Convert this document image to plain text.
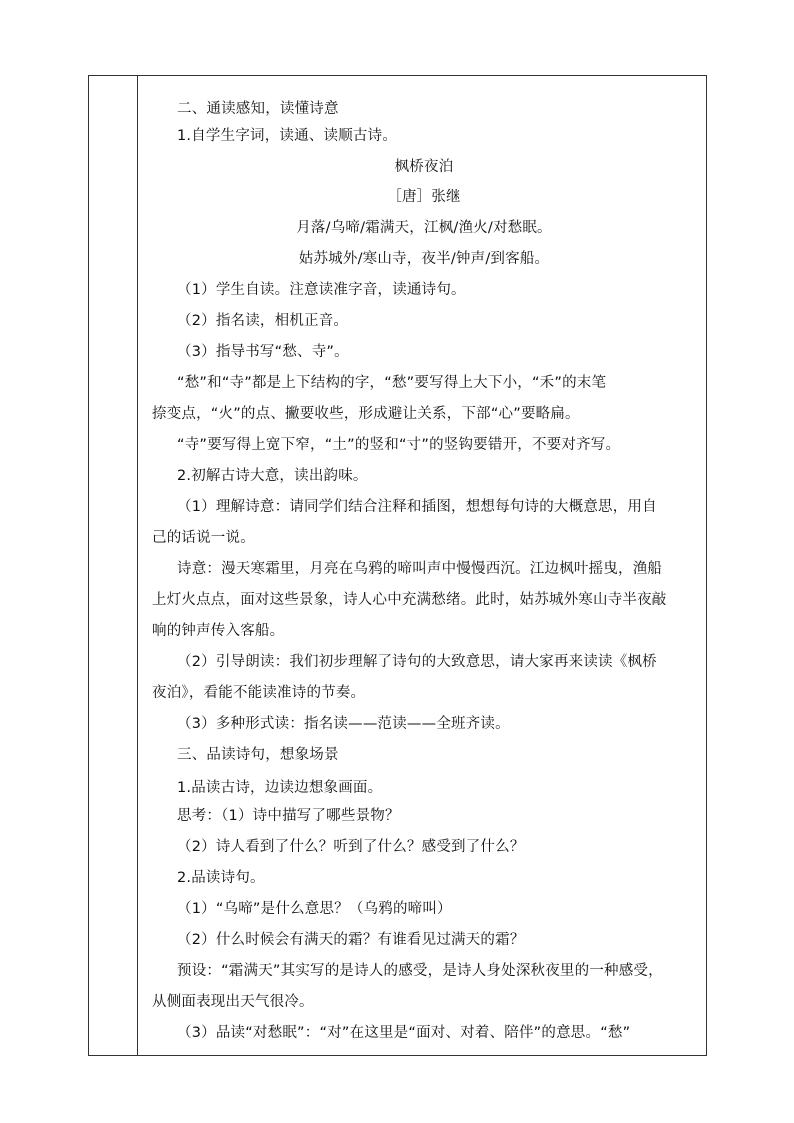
二、通读感知，读懂诗意
1.自学生字词，读通、读顺古诗。
枫桥夜泊
［唐］张继
月落/乌啼/霜满天，江枫/渔火/对愁眠。
姑苏城外/寒山寺，夜半/钟声/到客船。
（1）学生自读。注意读准字音，读通诗句。
（2）指名读，相机正音。
（3）指导书写“愁、寺”。
“愁”和“寺”都是上下结构的字，“愁”要写得上大下小，“禾”的末笔
捺变点，“火”的点、撇要收些，形成避让关系，下部“心”要略扁。
“寺”要写得上宽下窄，“土”的竖和“寸”的竖钩要错开，不要对齐写。
2.初解古诗大意，读出韵味。
（1）理解诗意：请同学们结合注释和插图，想想每句诗的大概意思，用自
己的话说一说。
诗意：漫天寒霜里，月亮在乌鸦的啼叫声中慢慢西沉。江边枫叶摇曳，渔船
上灯火点点，面对这些景象，诗人心中充满愁绪。此时，姑苏城外寒山寺半夜敲
响的钟声传入客船。
（2）引导朗读：我们初步理解了诗句的大致意思，请大家再来读读《枫桥
夜泊》，看能不能读准诗的节奏。
（3）多种形式读：指名读——范读——全班齐读。
三、品读诗句，想象场景
1.品读古诗，边读边想象画面。
思考：（1）诗中描写了哪些景物？
（2）诗人看到了什么？听到了什么？感受到了什么？
2.品读诗句。
（1）“乌啼”是什么意思？（乌鸦的啼叫）
（2）什么时候会有满天的霜？有谁看见过满天的霜？
预设：“霜满天”其实写的是诗人的感受，是诗人身处深秋夜里的一种感受，
从侧面表现出天气很冷。
（3）品读“对愁眠”：“对”在这里是“面对、对着、陪伴”的意思。“愁”
